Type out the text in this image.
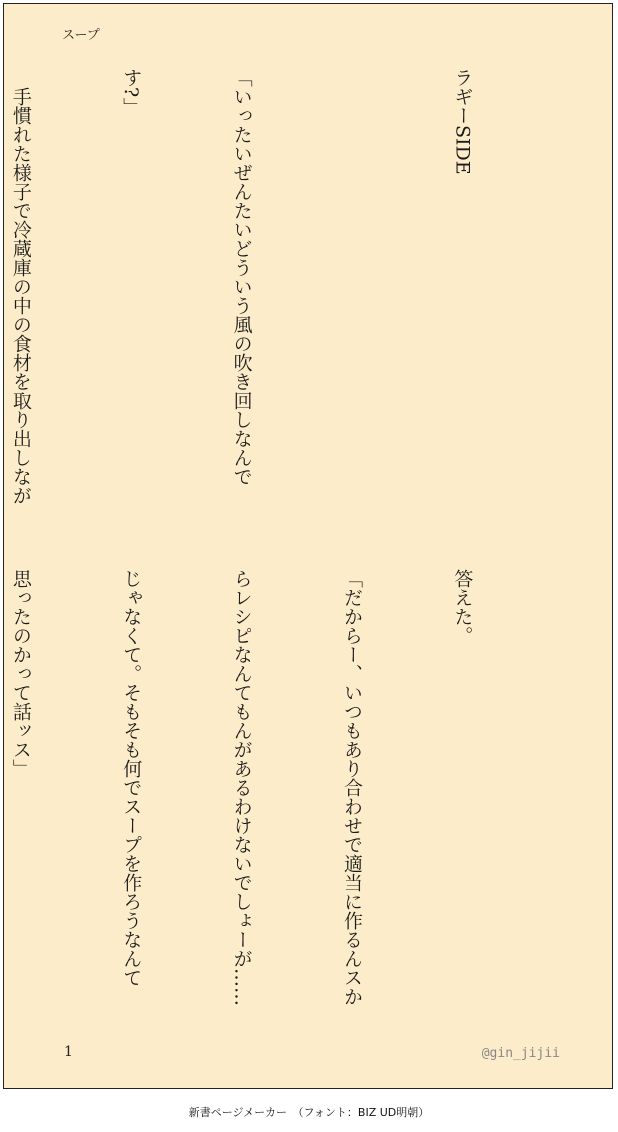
スープ

ラギーSIDE

「いったいぜんたいどういう風の吹き回しなんで

す?」

　手慣れた様子で冷蔵庫の中の食材を取り出しなが

答えた。

「だからー、いつもあり合わせで適当に作るんスか

らレシピなんてもんがあるわけないでしょーが……

じゃなくて。そもそも何でスープを作ろうなんて

思ったのかって話ッス」

1	@gin_jijii
新書ページメーカー　（フォント：BIZ UD明朝）
